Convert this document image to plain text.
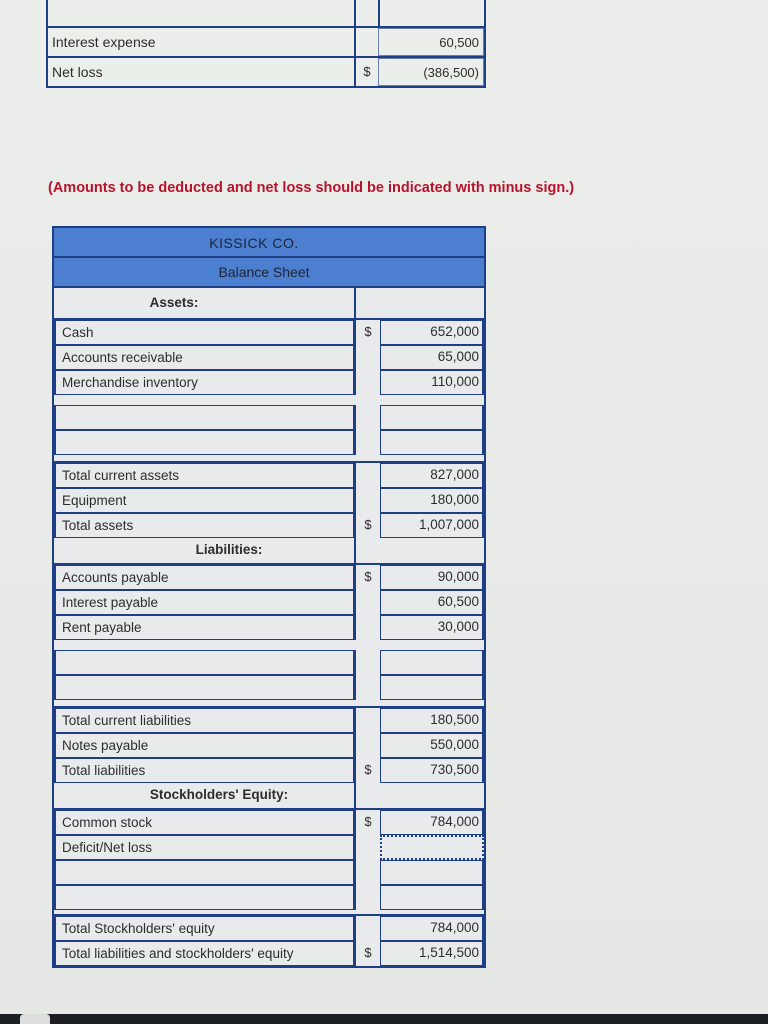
Interest expense	60,500
Net loss	$	(386,500)
(Amounts to be deducted and net loss should be indicated with minus sign.)
KISSICK CO.
Balance Sheet
Assets:
Cash	$	652,000
Accounts receivable	65,000
Merchandise inventory	110,000
Total current assets	827,000
Equipment	180,000
Total assets	$	1,007,000
Liabilities:
Accounts payable	$	90,000
Interest payable	60,500
Rent payable	30,000
Total current liabilities	180,500
Notes payable	550,000
Total liabilities	$	730,500
Stockholders' Equity:
Common stock	$	784,000
Deficit/Net loss
Total Stockholders' equity	784,000
Total liabilities and stockholders' equity	$	1,514,500
